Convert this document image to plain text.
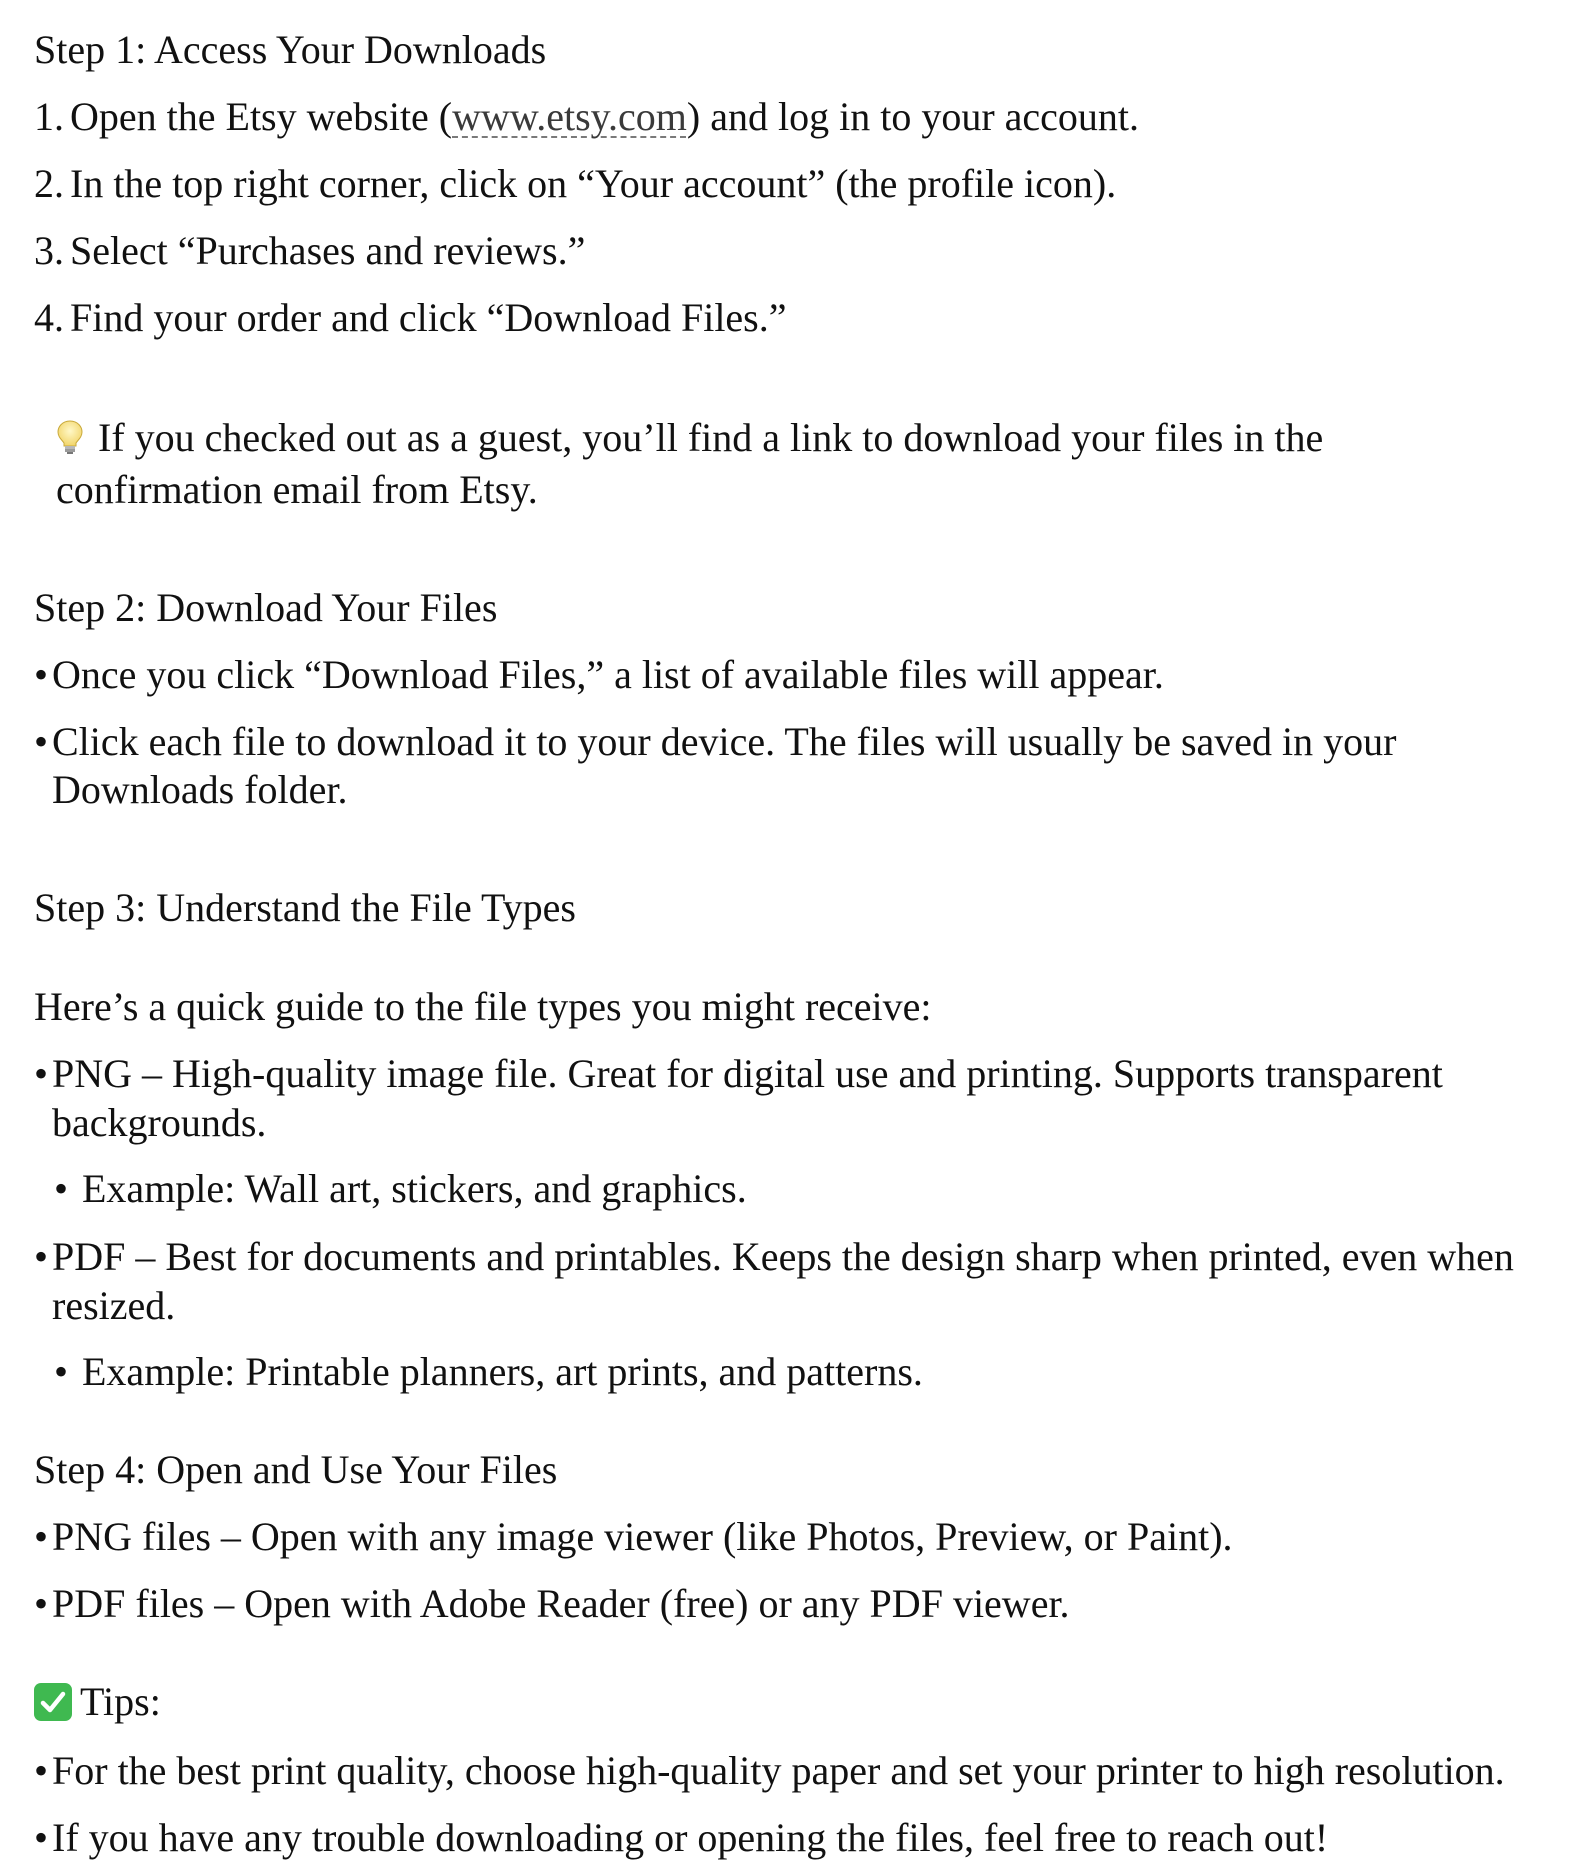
Step 1: Access Your Downloads
1. Open the Etsy website (www.etsy.com) and log in to your account.
2. In the top right corner, click on “Your account” (the profile icon).
3. Select “Purchases and reviews.”
4. Find your order and click “Download Files.”
If you checked out as a guest, you’ll find a link to download your files in the
confirmation email from Etsy.
Step 2: Download Your Files
• Once you click “Download Files,” a list of available files will appear.
• Click each file to download it to your device. The files will usually be saved in your
Downloads folder.
Step 3: Understand the File Types
Here’s a quick guide to the file types you might receive:
• PNG – High-quality image file. Great for digital use and printing. Supports transparent
backgrounds.
• Example: Wall art, stickers, and graphics.
• PDF – Best for documents and printables. Keeps the design sharp when printed, even when
resized.
• Example: Printable planners, art prints, and patterns.
Step 4: Open and Use Your Files
• PNG files – Open with any image viewer (like Photos, Preview, or Paint).
• PDF files – Open with Adobe Reader (free) or any PDF viewer.
Tips:
• For the best print quality, choose high-quality paper and set your printer to high resolution.
• If you have any trouble downloading or opening the files, feel free to reach out!
